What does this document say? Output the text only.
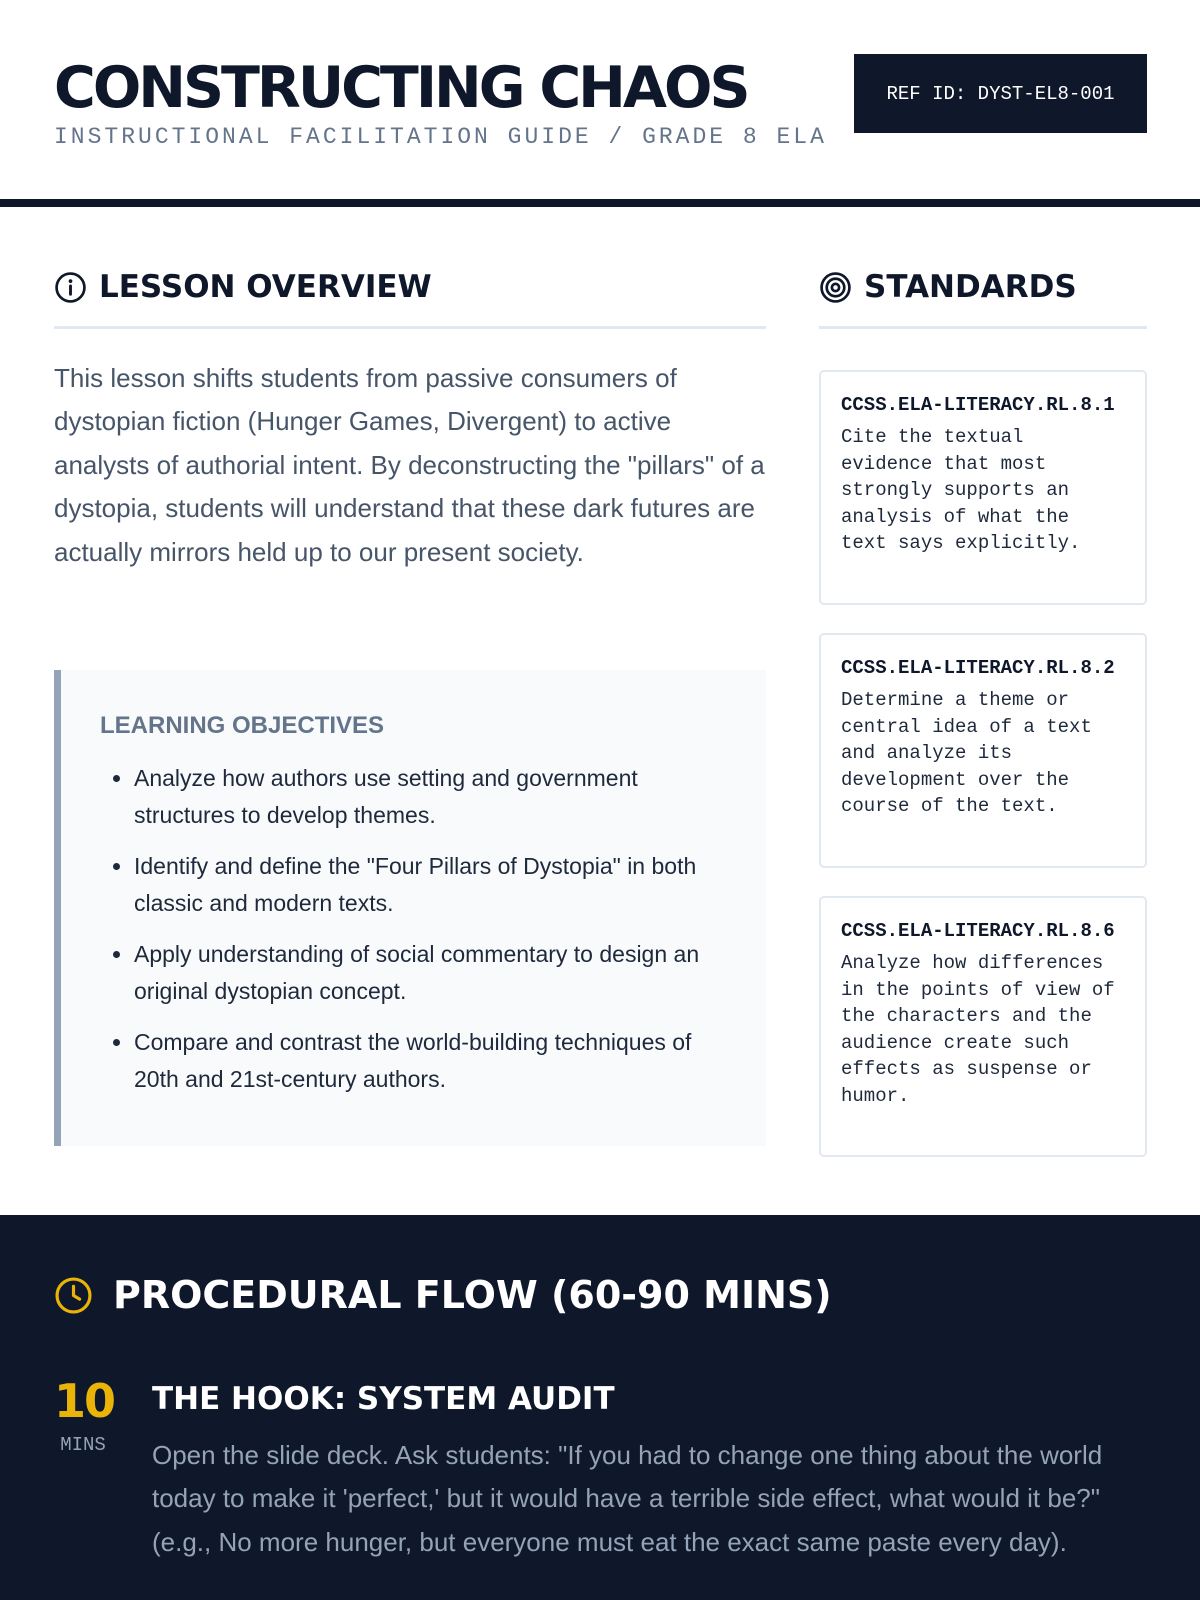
CONSTRUCTING CHAOS
INSTRUCTIONAL FACILITATION GUIDE / GRADE 8 ELA
REF ID: DYST-EL8-001
LESSON OVERVIEW	STANDARDS

This lesson shifts students from passive consumers of dystopian fiction (Hunger Games, Divergent) to active analysts of authorial intent. By deconstructing the "pillars" of a dystopia, students will understand that these dark futures are actually mirrors held up to our present society.

LEARNING OBJECTIVES
• Analyze how authors use setting and government structures to develop themes.
• Identify and define the "Four Pillars of Dystopia" in both classic and modern texts.
• Apply understanding of social commentary to design an original dystopian concept.
• Compare and contrast the world-building techniques of 20th and 21st-century authors.
CCSS.ELA-LITERACY.RL.8.1
Cite the textual evidence that most strongly supports an analysis of what the text says explicitly.
CCSS.ELA-LITERACY.RL.8.2
Determine a theme or central idea of a text and analyze its development over the course of the text.
CCSS.ELA-LITERACY.RL.8.6
Analyze how differences in the points of view of the characters and the audience create such effects as suspense or humor.
PROCEDURAL FLOW (60-90 MINS)
10
MINS
THE HOOK: SYSTEM AUDIT

Open the slide deck. Ask students: "If you had to change one thing about the world today to make it 'perfect,' but it would have a terrible side effect, what would it be?" (e.g., No more hunger, but everyone must eat the exact same paste every day).
